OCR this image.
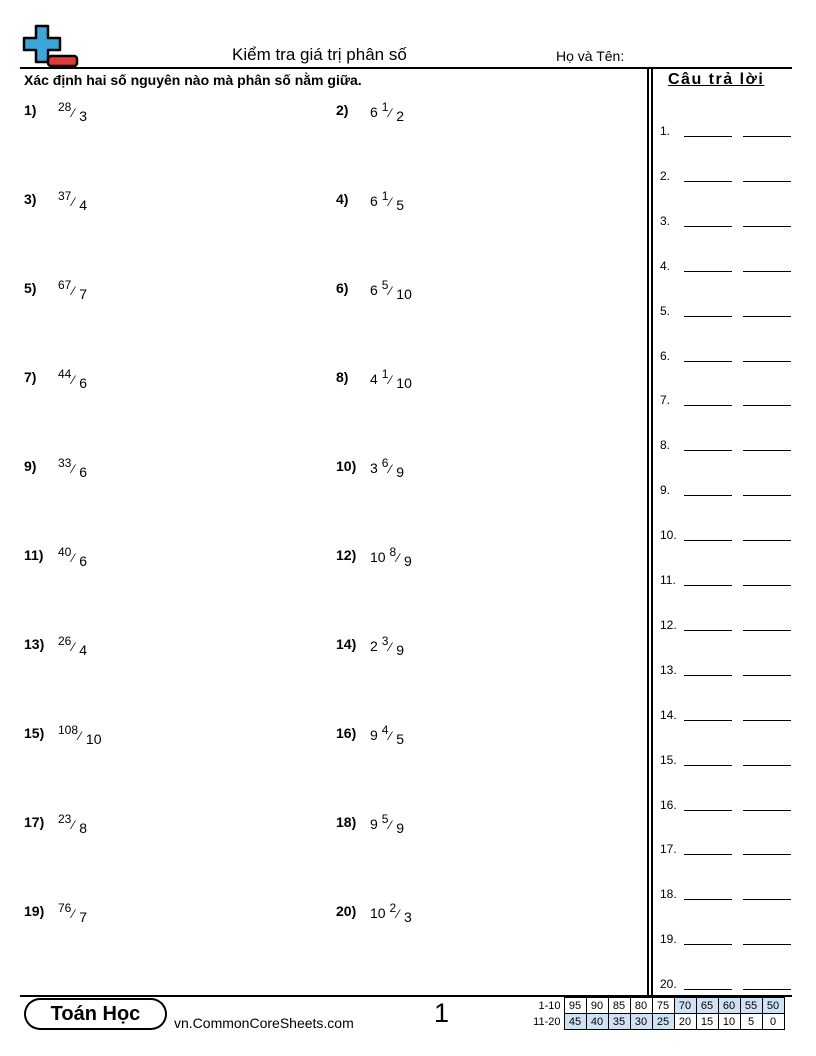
Kiểm tra giá trị phân số	Họ và Tên:
Xác định hai số nguyên nào mà phân số nằm giữa.
1) 28⁄ 3	2) 6 1⁄ 2
3) 37⁄ 4	4) 6 1⁄ 5
5) 67⁄ 7	6) 6 5⁄ 10
7) 44⁄ 6	8) 4 1⁄ 10
9) 33⁄ 6	10) 3 6⁄ 9
11) 40⁄ 6	12) 10 8⁄ 9
13) 26⁄ 4	14) 2 3⁄ 9
15) 108⁄ 10	16) 9 4⁄ 5
17) 23⁄ 8	18) 9 5⁄ 9
19) 76⁄ 7	20) 10 2⁄ 3
Câu trả lời
1.
2.
3.
4.
5.
6.
7.
8.
9.
10.
11.
12.
13.
14.
15.
16.
17.
18.
19.
20.
Toán Học	vn.CommonCoreSheets.com	1	1-10	95	90	85	80	75	70	65	60	55	50
11-20	45	40	35	30	25	20	15	10	5	0
